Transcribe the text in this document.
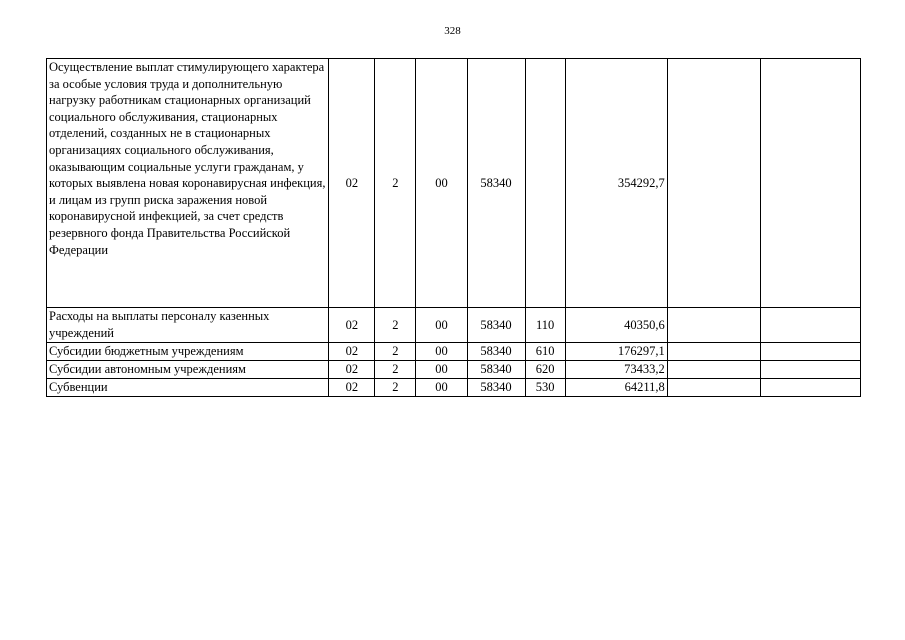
328
Осуществление выплат стимулирующего характера за особые условия труда и дополнительную нагрузку работникам стационарных организаций социального обслуживания, стационарных отделений, созданных не в стационарных организациях социального обслуживания, оказывающим социальные услуги гражданам, у которых выявлена новая коронавирусная инфекция, и лицам из групп риска заражения новой коронавирусной инфекцией, за счет средств резервного фонда Правительства Российской Федерации	02	2	00	58340		354292,7		
Расходы на выплаты персоналу казенных учреждений	02	2	00	58340	110	40350,6		
Субсидии бюджетным учреждениям	02	2	00	58340	610	176297,1		
Субсидии автономным учреждениям	02	2	00	58340	620	73433,2		
Субвенции	02	2	00	58340	530	64211,8		
